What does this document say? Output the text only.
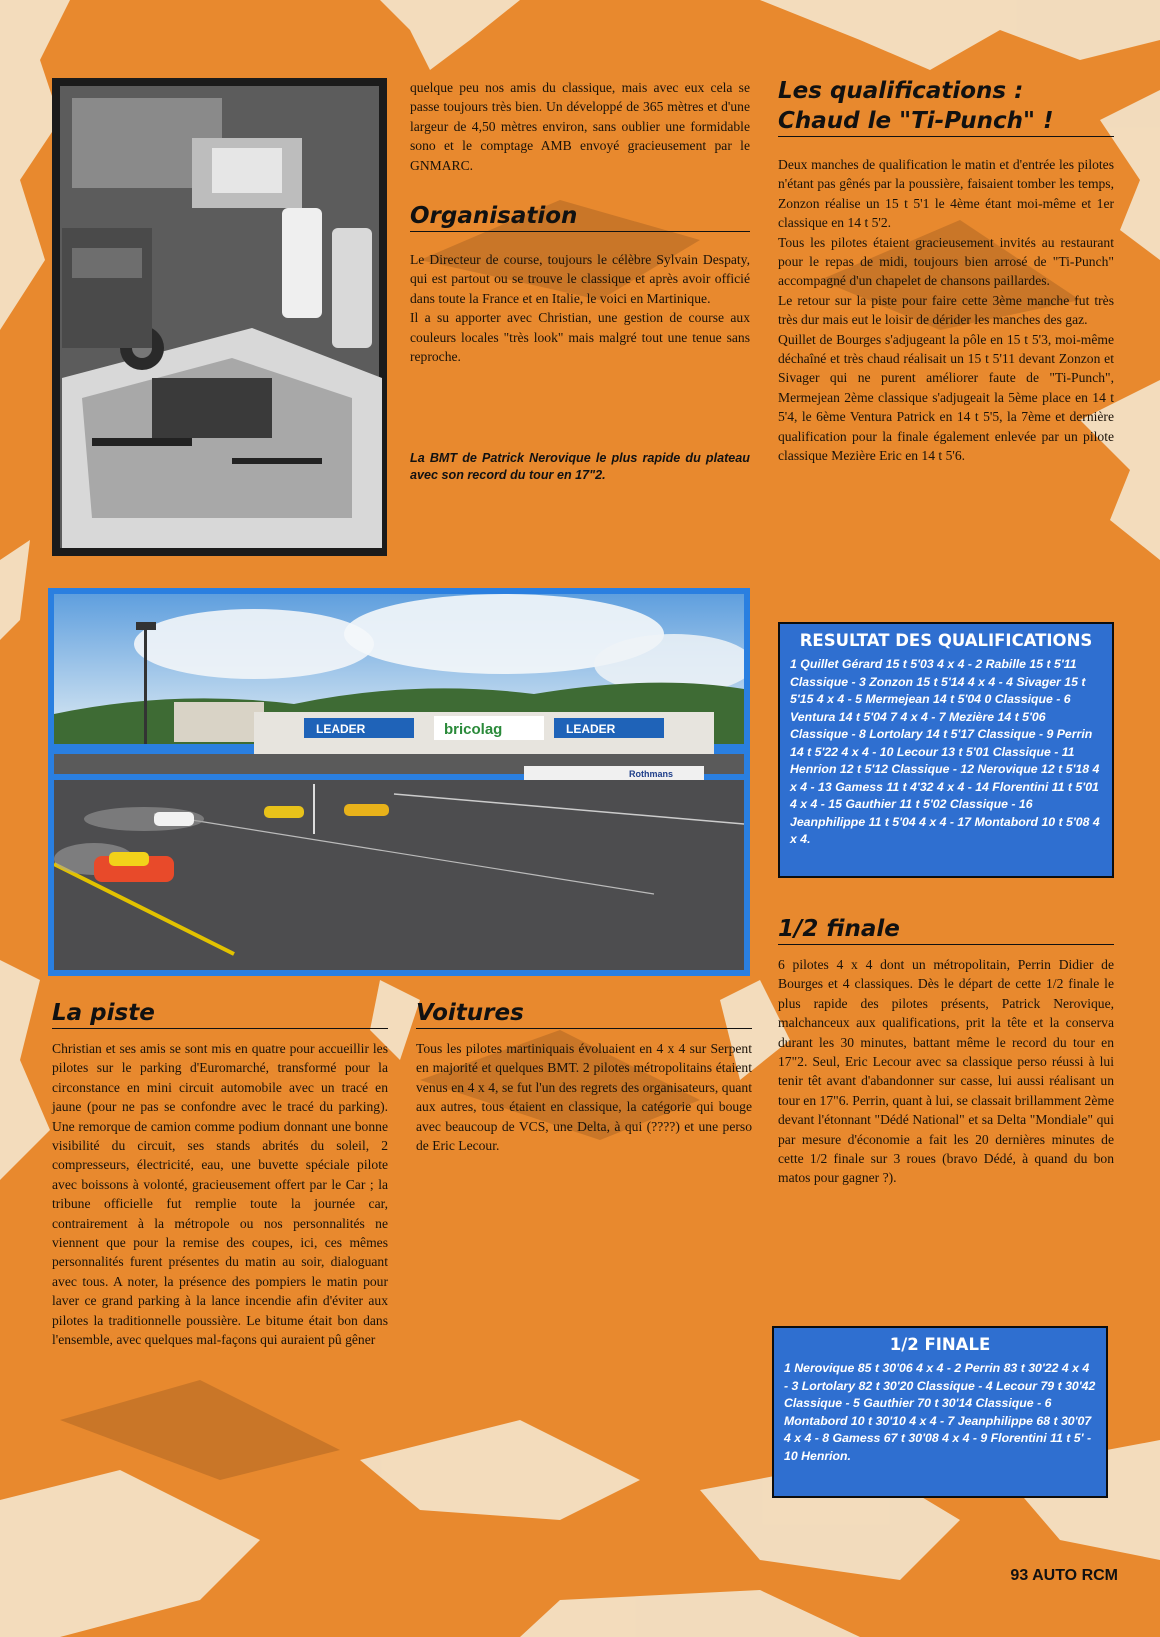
LEADER	bricolag	LEADER
Rothmans

quelque peu nos amis du classique, mais avec eux cela se passe toujours très bien. Un développé de 365 mètres et d'une largeur de 4,50 mètres environ, sans oublier une formidable sono et le comptage AMB envoyé gracieusement par le GNMARC.

Organisation

Le Directeur de course, toujours le célèbre Sylvain Despaty, qui est partout ou se trouve le classique et après avoir officié dans toute la France et en Italie, le voici en Martinique.

Il a su apporter avec Christian, une gestion de course aux couleurs locales "très look" mais malgré tout une tenue sans reproche.

La BMT de Patrick Nerovique le plus rapide du plateau avec son record du tour en 17"2.
Les qualifications :
Chaud le "Ti-Punch" !

Deux manches de qualification le matin et d'entrée les pilotes n'étant pas gênés par la poussière, faisaient tomber les temps, Zonzon réalise un 15 t 5'1 le 4ème étant moi-même et 1er classique en 14 t 5'2.

Tous les pilotes étaient gracieusement invités au restaurant pour le repas de midi, toujours bien arrosé de "Ti-Punch" accompagné d'un chapelet de chansons paillardes.

Le retour sur la piste pour faire cette 3ème manche fut très très dur mais eut le loisir de dérider les manches des gaz.

Quillet de Bourges s'adjugeant la pôle en 15 t 5'3, moi-même déchaîné et très chaud réalisait un 15 t 5'11 devant Zonzon et Sivager qui ne purent améliorer faute de "Ti-Punch", Mermejean 2ème classique s'adjugeait la 5ème place en 14 t 5'4, le 6ème Ventura Patrick en 14 t 5'5, la 7ème et dernière qualification pour la finale également enlevée par un pilote classique Mezière Eric en 14 t 5'6.

RESULTAT DES QUALIFICATIONS
1 Quillet Gérard 15 t 5'03 4 x 4 - 2 Rabille 15 t 5'11 Classique - 3 Zonzon 15 t 5'14 4 x 4 - 4 Sivager 15 t 5'15 4 x 4 - 5 Mermejean 14 t 5'04 0 Classique - 6 Ventura 14 t 5'04 7 4 x 4 - 7 Mezière 14 t 5'06 Classique - 8 Lortolary 14 t 5'17 Classique - 9 Perrin 14 t 5'22 4 x 4 - 10 Lecour 13 t 5'01 Classique - 11 Henrion 12 t 5'12 Classique - 12 Nerovique 12 t 5'18 4 x 4 - 13 Gamess 11 t 4'32 4 x 4 - 14 Florentini 11 t 5'01 4 x 4 - 15 Gauthier 11 t 5'02 Classique - 16 Jeanphilippe 11 t 5'04 4 x 4 - 17 Montabord 10 t 5'08 4 x 4.
1/2 finale

6 pilotes 4 x 4 dont un métropolitain, Perrin Didier de Bourges et 4 classiques. Dès le départ de cette 1/2 finale le plus rapide des pilotes présents, Patrick Nerovique, malchanceux aux qualifications, prit la tête et la conserva durant les 30 minutes, battant même le record du tour en 17"2. Seul, Eric Lecour avec sa classique perso réussi à lui tenir têt avant d'abandonner sur casse, lui aussi réalisant un tour en 17"6. Perrin, quant à lui, se classait brillamment 2ème devant l'étonnant "Dédé National" et sa Delta "Mondiale" qui par mesure d'économie a fait les 20 dernières minutes de cette 1/2 finale sur 3 roues (bravo Dédé, à quand du bon matos pour gagner ?).

1/2 FINALE
1 Nerovique 85 t 30'06 4 x 4 - 2 Perrin 83 t 30'22 4 x 4 - 3 Lortolary 82 t 30'20 Classique - 4 Lecour 79 t 30'42 Classique - 5 Gauthier 70 t 30'14 Classique - 6 Montabord 10 t 30'10 4 x 4 - 7 Jeanphilippe 68 t 30'07 4 x 4 - 8 Gamess 67 t 30'08 4 x 4 - 9 Florentini 11 t 5' - 10 Henrion.
La piste

Christian et ses amis se sont mis en quatre pour accueillir les pilotes sur le parking d'Euromarché, transformé pour la circonstance en mini circuit automobile avec un tracé en jaune (pour ne pas se confondre avec le tracé du parking). Une remorque de camion comme podium donnant une bonne visibilité du circuit, ses stands abrités du soleil, 2 compresseurs, électricité, eau, une buvette spéciale pilote avec boissons à volonté, gracieusement offert par le Car ; la tribune officielle fut remplie toute la journée car, contrairement à la métropole ou nos personnalités ne viennent que pour la remise des coupes, ici, ces mêmes personnalités furent présentes du matin au soir, dialoguant avec tous. A noter, la présence des pompiers le matin pour laver ce grand parking à la lance incendie afin d'éviter aux pilotes la traditionnelle poussière. Le bitume était bon dans l'ensemble, avec quelques mal-façons qui auraient pû gêner

Voitures

Tous les pilotes martiniquais évoluaient en 4 x 4 sur Serpent en majorité et quelques BMT. 2 pilotes métropolitains étaient venus en 4 x 4, se fut l'un des regrets des organisateurs, quant aux autres, tous étaient en classique, la catégorie qui bouge avec beaucoup de VCS, une Delta, à qui (????) et une perso de Eric Lecour.

93 AUTO RCM
